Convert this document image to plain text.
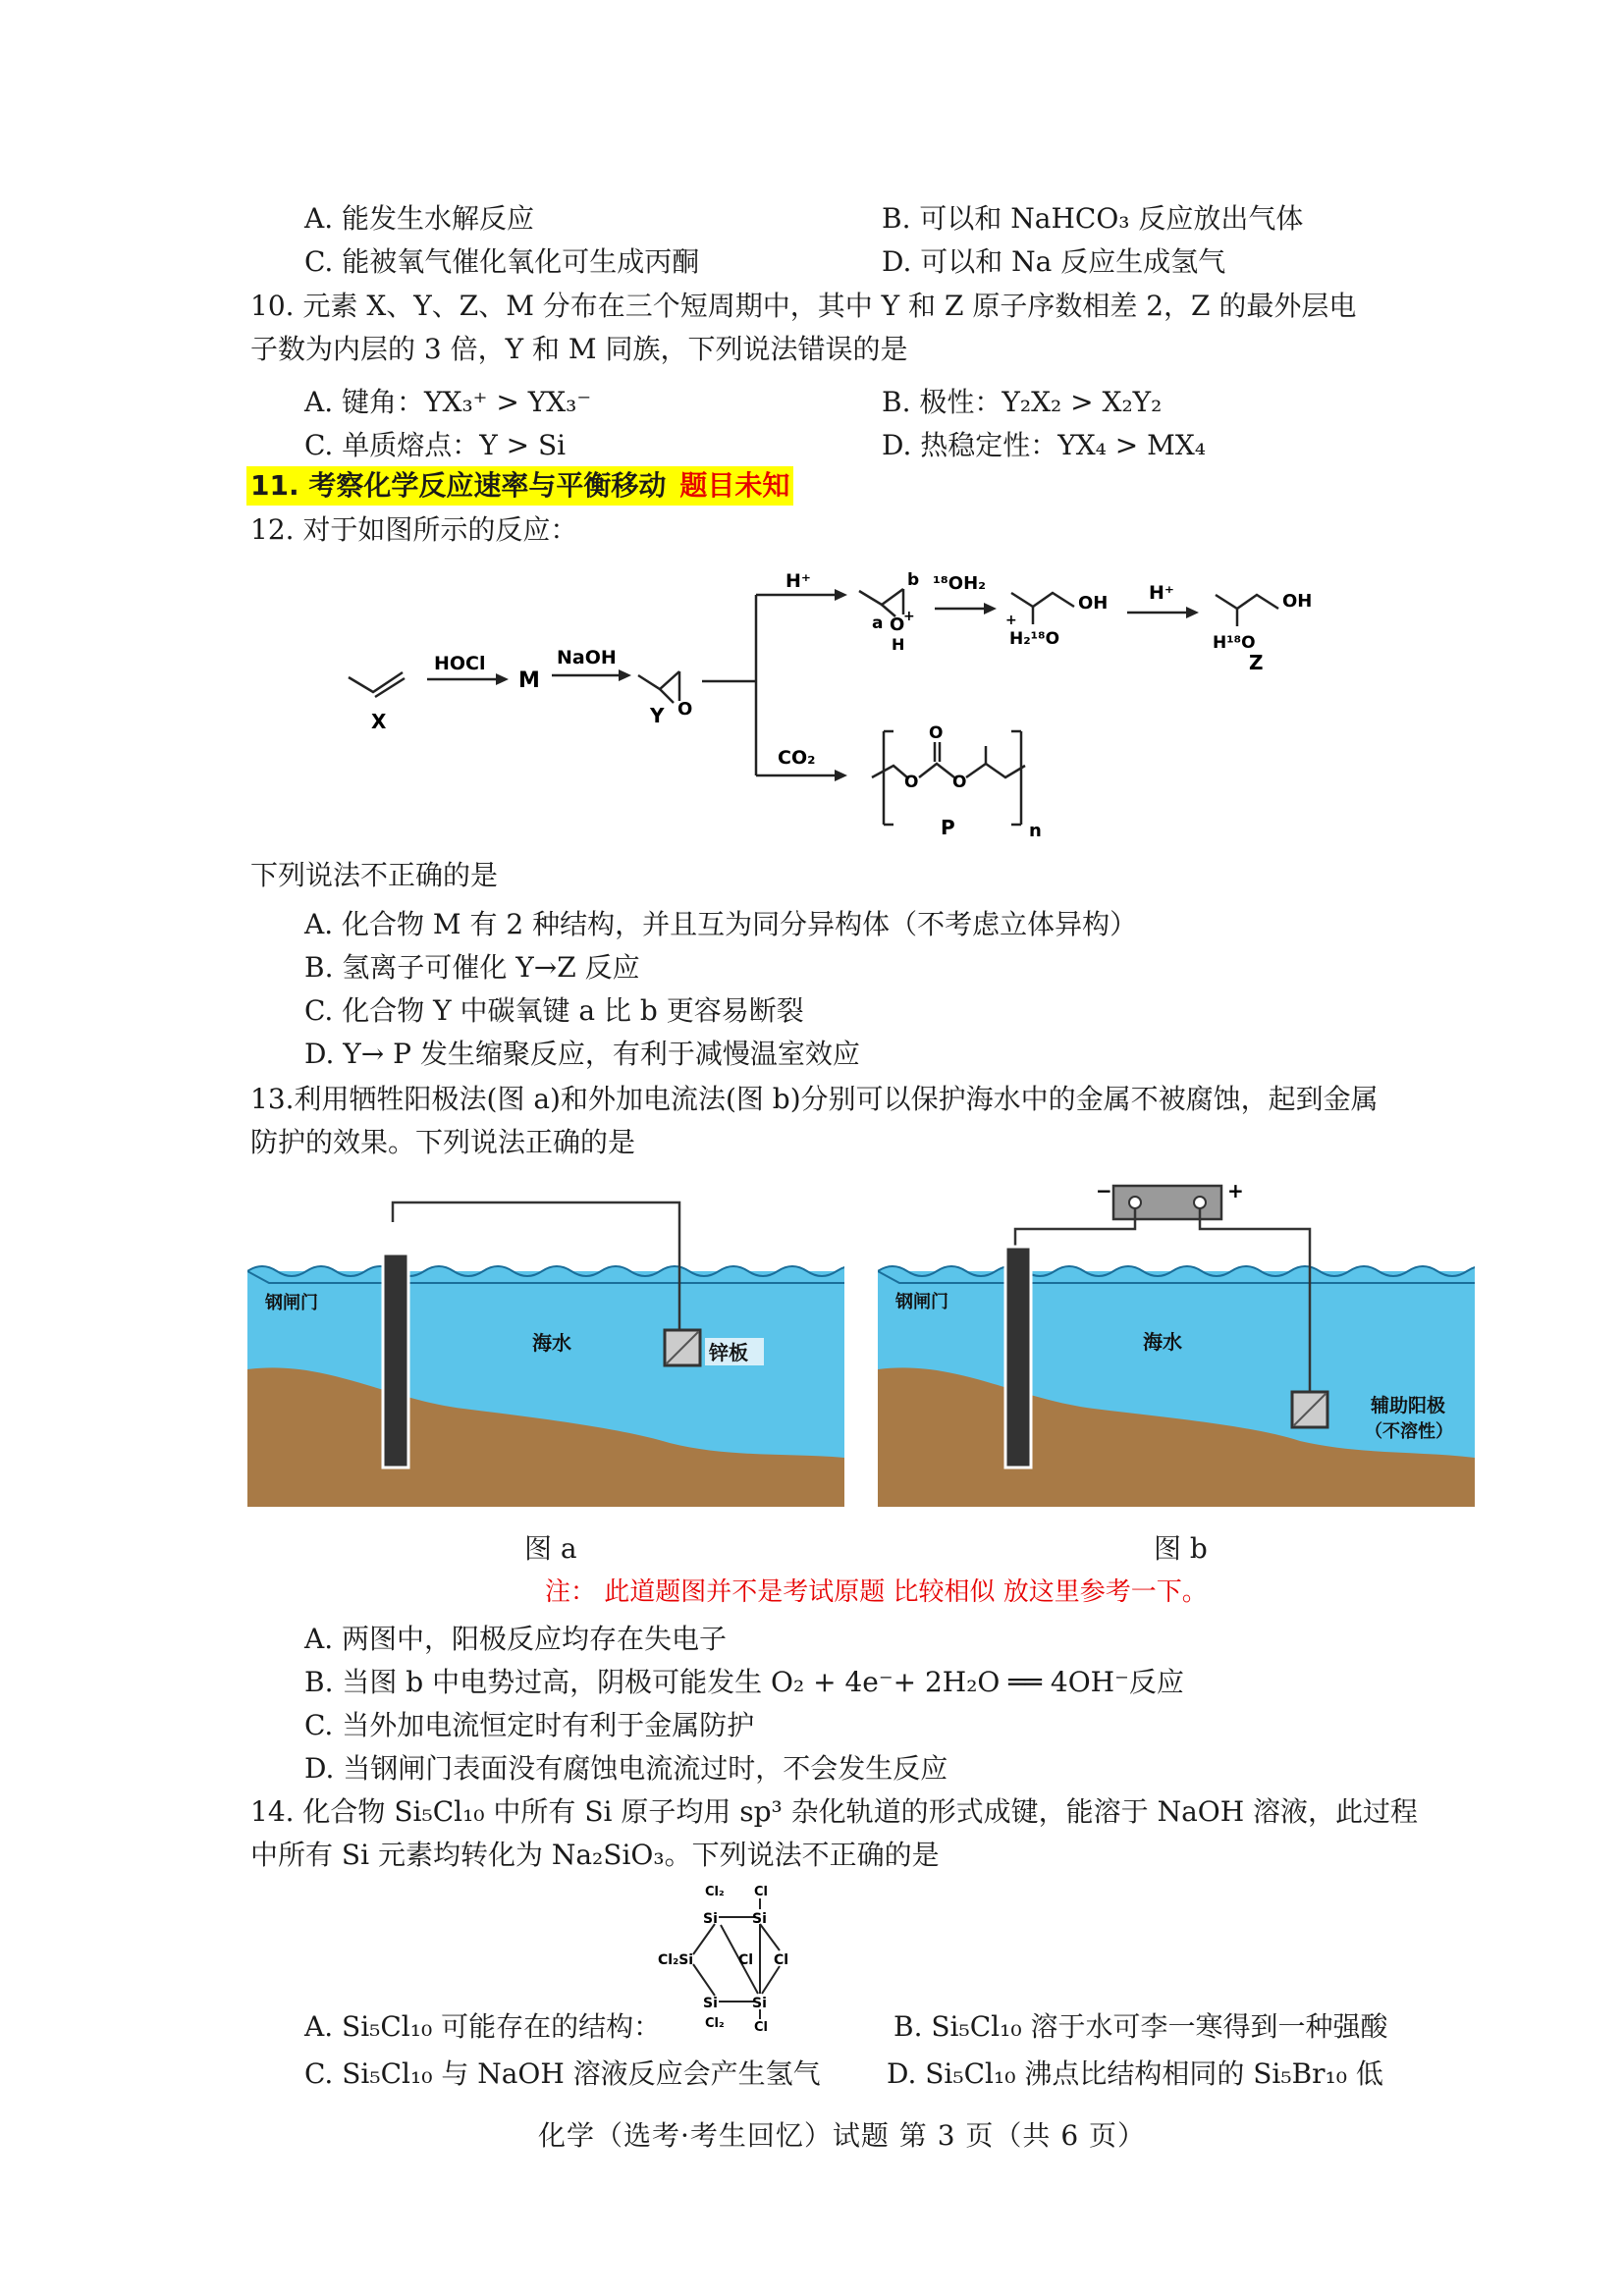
A. 能发生水解反应	B. 可以和 NaHCO₃ 反应放出气体
C. 能被氧气催化氧化可生成丙酮	D. 可以和 Na 反应生成氢气
10. 元素 X、Y、Z、M 分布在三个短周期中，其中 Y 和 Z 原子序数相差 2，Z 的最外层电
子数为内层的 3 倍，Y 和 M 同族，下列说法错误的是
A. 键角：YX₃⁺ > YX₃⁻	B. 极性：Y₂X₂ > X₂Y₂
C. 单质熔点：Y > Si	D. 热稳定性：YX₄ > MX₄
11. 考察化学反应速率与平衡移动 题目未知
12. 对于如图所示的反应：
X
HOCl
M
NaOH
O
Y
H⁺
CO₂
b
a O
+
H
¹⁸OH₂
OH
+
H₂¹⁸O
H⁺	OH
H¹⁸O
Z
O
O
O
n
P
下列说法不正确的是
A. 化合物 M 有 2 种结构，并且互为同分异构体（不考虑立体异构）
B. 氢离子可催化 Y→Z 反应
C. 化合物 Y 中碳氧键 a 比 b 更容易断裂
D. Y→ P 发生缩聚反应，有利于减慢温室效应
13.利用牺牲阳极法(图 a)和外加电流法(图 b)分别可以保护海水中的金属不被腐蚀，起到金属
防护的效果。下列说法正确的是
钢闸门
海水	锌板
−	+
钢闸门
海水
辅助阳极
（不溶性）
图 a	图 b
注： 此道题图并不是考试原题 比较相似 放这里参考一下。
A. 两图中，阳极反应均存在失电子
B. 当图 b 中电势过高，阴极可能发生 O₂ + 4e⁻+ 2H₂O ══ 4OH⁻反应
C. 当外加电流恒定时有利于金属防护
D. 当钢闸门表面没有腐蚀电流流过时，不会发生反应
14. 化合物 Si₅Cl₁₀ 中所有 Si 原子均用 sp³ 杂化轨道的形式成键，能溶于 NaOH 溶液，此过程
中所有 Si 元素均转化为 Na₂SiO₃。下列说法不正确的是
Cl₂ Cl
Si	Si
Cl₂Si	Cl Cl
Si	Si
Cl₂ Cl
A. Si₅Cl₁₀ 可能存在的结构：	B. Si₅Cl₁₀ 溶于水可李一寒得到一种强酸
C. Si₅Cl₁₀ 与 NaOH 溶液反应会产生氢气 D. Si₅Cl₁₀ 沸点比结构相同的 Si₅Br₁₀ 低
化学（选考·考生回忆）试题 第 3 页（共 6 页）
